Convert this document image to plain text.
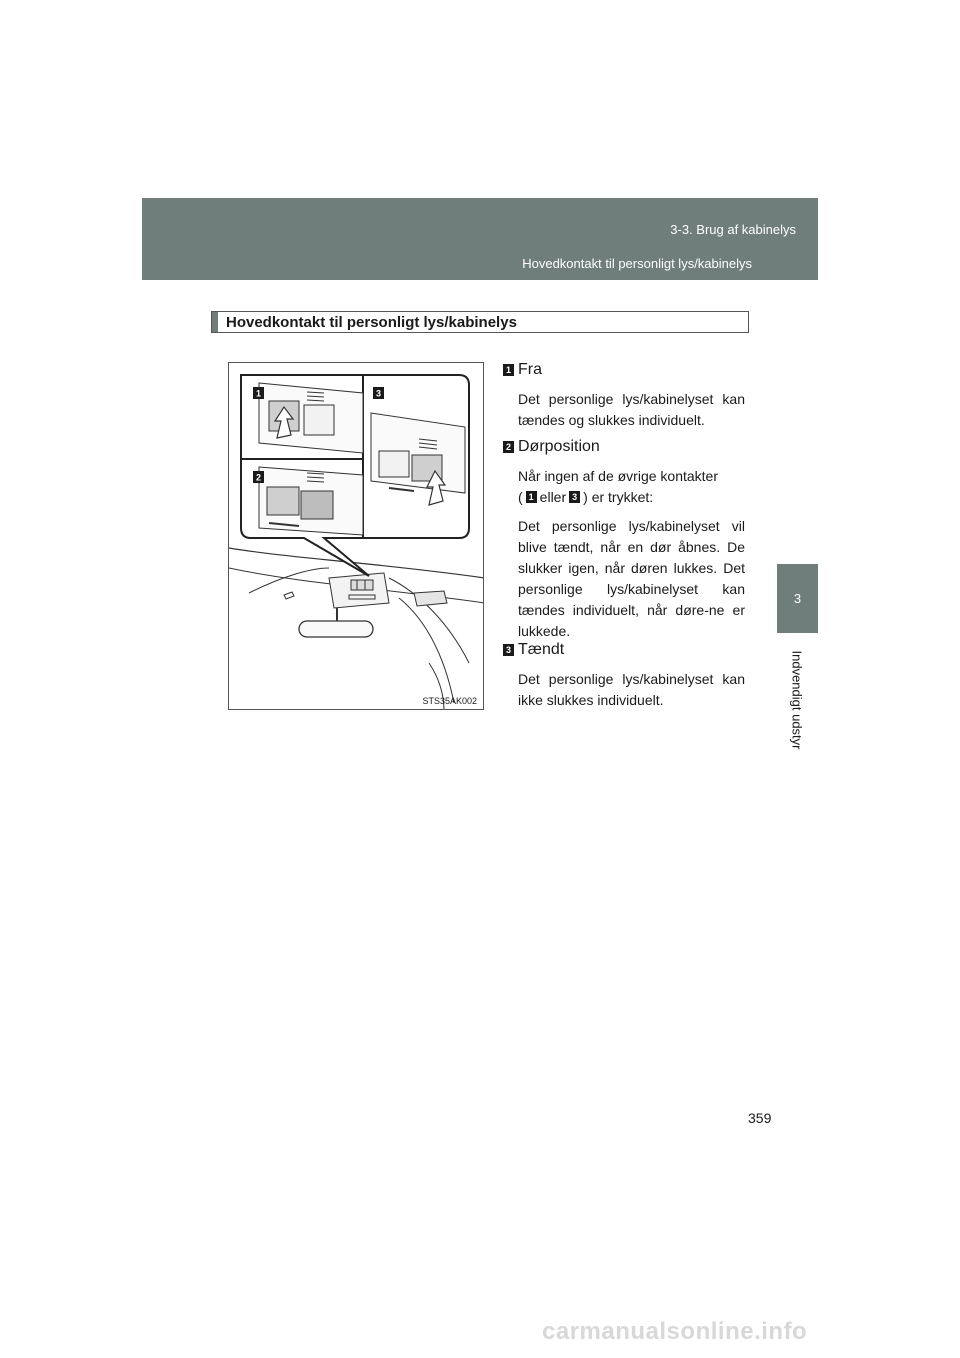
3-3. Brug af kabinelys
Hovedkontakt til personligt lys/kabinelys
3
Indvendigt udstyr
Hovedkontakt til personligt lys/kabinelys
1
2
3
STS35AK002
1 Fra

Det personlige lys/kabinelyset kan tændes og slukkes individuelt.

2 Dørposition

Når ingen af de øvrige kontakter
( 1 eller 3 ) er trykket:

Det personlige lys/kabinelyset vil blive tændt, når en dør åbnes. De slukker igen, når døren lukkes. Det personlige lys/kabinelyset kan tændes individuelt, når døre-ne er lukkede.

3 Tændt

Det personlige lys/kabinelyset kan ikke slukkes individuelt.

359
carmanualsonline.info
